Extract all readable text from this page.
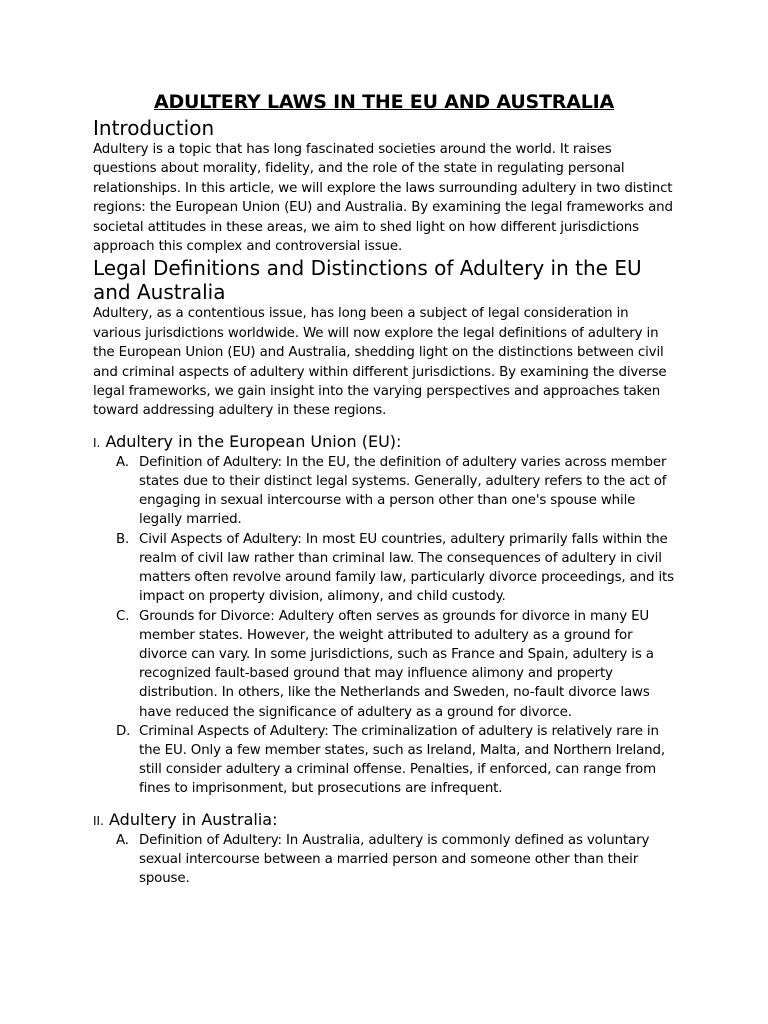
ADULTERY LAWS IN THE EU AND AUSTRALIA
Introduction

Adultery is a topic that has long fascinated societies around the world. It raises questions about morality, fidelity, and the role of the state in regulating personal relationships. In this article, we will explore the laws surrounding adultery in two distinct regions: the European Union (EU) and Australia. By examining the legal frameworks and societal attitudes in these areas, we aim to shed light on how different jurisdictions approach this complex and controversial issue.

Legal Definitions and Distinctions of Adultery in the EU and Australia

Adultery, as a contentious issue, has long been a subject of legal consideration in various jurisdictions worldwide. We will now explore the legal definitions of adultery in the European Union (EU) and Australia, shedding light on the distinctions between civil and criminal aspects of adultery within different jurisdictions. By examining the diverse legal frameworks, we gain insight into the varying perspectives and approaches taken toward addressing adultery in these regions.

I. Adultery in the European Union (EU):
A. Definition of Adultery: In the EU, the definition of adultery varies across member states due to their distinct legal systems. Generally, adultery refers to the act of engaging in sexual intercourse with a person other than one's spouse while legally married.
B. Civil Aspects of Adultery: In most EU countries, adultery primarily falls within the realm of civil law rather than criminal law. The consequences of adultery in civil matters often revolve around family law, particularly divorce proceedings, and its impact on property division, alimony, and child custody.
C. Grounds for Divorce: Adultery often serves as grounds for divorce in many EU member states. However, the weight attributed to adultery as a ground for divorce can vary. In some jurisdictions, such as France and Spain, adultery is a recognized fault-based ground that may influence alimony and property distribution. In others, like the Netherlands and Sweden, no-fault divorce laws have reduced the significance of adultery as a ground for divorce.
D. Criminal Aspects of Adultery: The criminalization of adultery is relatively rare in the EU. Only a few member states, such as Ireland, Malta, and Northern Ireland, still consider adultery a criminal offense. Penalties, if enforced, can range from fines to imprisonment, but prosecutions are infrequent.
II. Adultery in Australia:
A. Definition of Adultery: In Australia, adultery is commonly defined as voluntary sexual intercourse between a married person and someone other than their spouse.
